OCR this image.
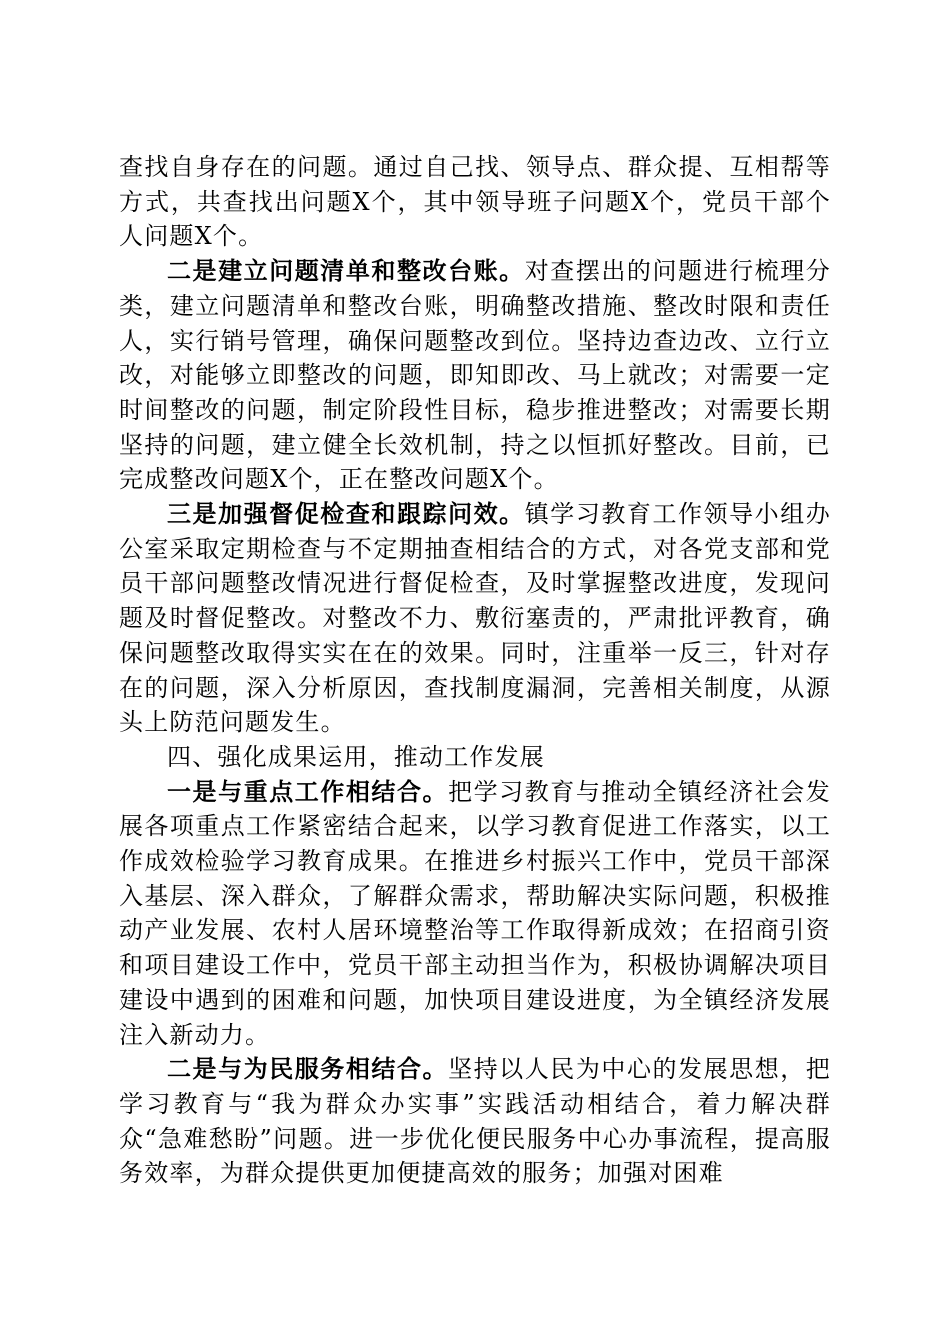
查找自身存在的问题。通过自己找、领导点、群众提、互相帮等方式，共查找出问题X个，其中领导班子问题X个，党员干部个人问题X个。

二是建立问题清单和整改台账。对查摆出的问题进行梳理分类，建立问题清单和整改台账，明确整改措施、整改时限和责任人，实行销号管理，确保问题整改到位。坚持边查边改、立行立改，对能够立即整改的问题，即知即改、马上就改；对需要一定时间整改的问题，制定阶段性目标，稳步推进整改；对需要长期坚持的问题，建立健全长效机制，持之以恒抓好整改。目前，已完成整改问题X个，正在整改问题X个。

三是加强督促检查和跟踪问效。镇学习教育工作领导小组办公室采取定期检查与不定期抽查相结合的方式，对各党支部和党员干部问题整改情况进行督促检查，及时掌握整改进度，发现问题及时督促整改。对整改不力、敷衍塞责的，严肃批评教育，确保问题整改取得实实在在的效果。同时，注重举一反三，针对存在的问题，深入分析原因，查找制度漏洞，完善相关制度，从源头上防范问题发生。

四、强化成果运用，推动工作发展

一是与重点工作相结合。把学习教育与推动全镇经济社会发展各项重点工作紧密结合起来，以学习教育促进工作落实，以工作成效检验学习教育成果。在推进乡村振兴工作中，党员干部深入基层、深入群众，了解群众需求，帮助解决实际问题，积极推动产业发展、农村人居环境整治等工作取得新成效；在招商引资和项目建设工作中，党员干部主动担当作为，积极协调解决项目建设中遇到的困难和问题，加快项目建设进度，为全镇经济发展注入新动力。

二是与为民服务相结合。坚持以人民为中心的发展思想，把学习教育与“我为群众办实事”实践活动相结合，着力解决群众“急难愁盼”问题。进一步优化便民服务中心办事流程，提高服务效率，为群众提供更加便捷高效的服务；加强对困难
